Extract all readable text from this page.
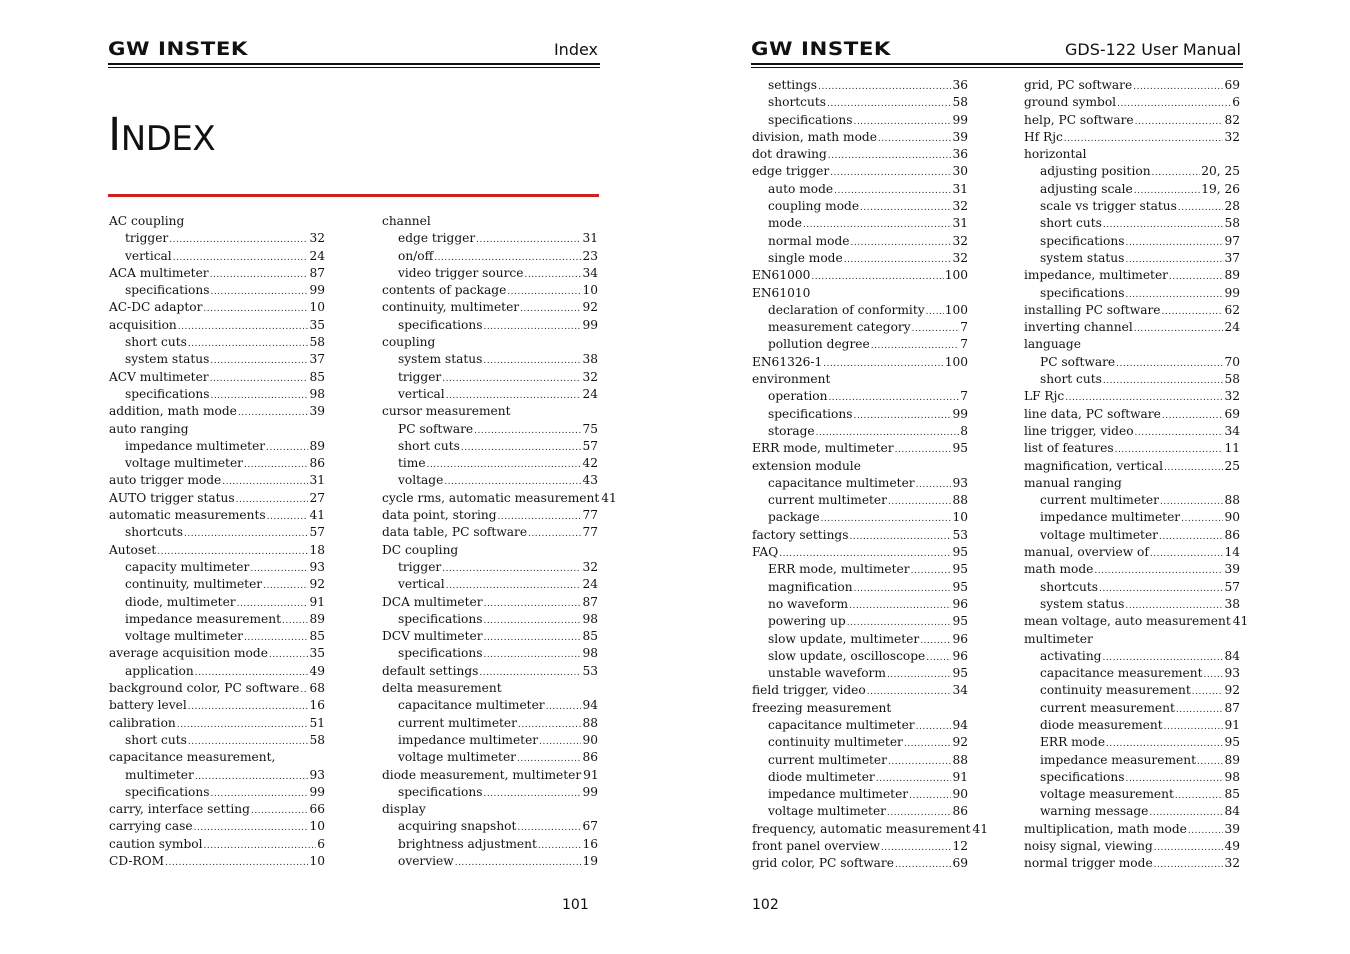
GW INSTEK	Index
INDEX
AC coupling
trigger .....	32
vertical .....	24
ACA multimeter .....	87
specifications .....	99
AC-DC adaptor .....	10
acquisition .....	35
short cuts .....	58
system status .....	37
ACV multimeter .....	85
specifications .....	98
addition, math mode .....	39
auto ranging
impedance multimeter .....	89
voltage multimeter .....	86
auto trigger mode .....	31
AUTO trigger status .....	27
automatic measurements .....	41
shortcuts .....	57
Autoset .....	18
capacity multimeter .....	93
continuity, multimeter .....	92
diode, multimeter .....	91
impedance measurement ..... 89
voltage multimeter .....	85
average acquisition mode .....	35
application .....	49
background color, PC software ..... 68
battery level .....	16
calibration .....	51
short cuts .....	58
capacitance measurement,
multimeter .....	93
specifications .....	99
carry, interface setting .....	66
carrying case .....	10
caution symbol .....	6
CD-ROM .....	10
channel
edge trigger .....	31
on/off .....	23
video trigger source .....	34
contents of package .....	10
continuity, multimeter .....	92
specifications .....	99
coupling
system status .....	38
trigger .....	32
vertical .....	24
cursor measurement
PC software .....	75
short cuts .....	57
time .....	42
voltage .....	43
cycle rms, automatic measurement 41
data point, storing .....	77
data table, PC software .....	77
DC coupling
trigger .....	32
vertical .....	24
DCA multimeter .....	87
specifications .....	98
DCV multimeter .....	85
specifications .....	98
default settings .....	53
delta measurement
capacitance multimeter .....	94
current multimeter .....	88
impedance multimeter .....	90
voltage multimeter .....	86
diode measurement, multimeter 91
specifications .....	99
display
acquiring snapshot .....	67
brightness adjustment .....	16
overview .....	19
101
GW INSTEK	GDS-122 User Manual
settings .....	36
shortcuts .....	58
specifications .....	99
division, math mode .....	39
dot drawing .....	36
edge trigger .....	30
auto mode .....	31
coupling mode .....	32
mode .....	31
normal mode .....	32
single mode .....	32
EN61000 .....	100
EN61010
declaration of conformity ..... 100
measurement category .....	7
pollution degree .....	7
EN61326-1 .....	100
environment
operation .....	7
specifications .....	99
storage .....	8
ERR mode, multimeter .....	95
extension module
capacitance multimeter .....	93
current multimeter .....	88
package .....	10
factory settings .....	53
FAQ .....	95
ERR mode, multimeter .....	95
magnification .....	95
no waveform .....	96
powering up .....	95
slow update, multimeter .....	96
slow update, oscilloscope ..... 96
unstable waveform .....	95
field trigger, video .....	34
freezing measurement
capacitance multimeter .....	94
continuity multimeter .....	92
current multimeter .....	88
diode multimeter .....	91
impedance multimeter .....	90
voltage multimeter .....	86
frequency, automatic measurement 41
front panel overview .....	12
grid color, PC software .....	69
grid, PC software .....	69
ground symbol .....	6
help, PC software .....	82
Hf Rjc .....	32
horizontal
adjusting position .....	20, 25
adjusting scale .....	19, 26
scale vs trigger status .....	28
short cuts .....	58
specifications .....	97
system status .....	37
impedance, multimeter .....	89
specifications .....	99
installing PC software .....	62
inverting channel .....	24
language
PC software .....	70
short cuts .....	58
LF Rjc .....	32
line data, PC software .....	69
line trigger, video .....	34
list of features .....	11
magnification, vertical .....	25
manual ranging
current multimeter .....	88
impedance multimeter .....	90
voltage multimeter .....	86
manual, overview of .....	14
math mode .....	39
shortcuts .....	57
system status .....	38
mean voltage, auto measurement 41
multimeter
activating .....	84
capacitance measurement ..... 93
continuity measurement .....	92
current measurement .....	87
diode measurement .....	91
ERR mode .....	95
impedance measurement ..... 89
specifications .....	98
voltage measurement .....	85
warning message .....	84
multiplication, math mode .....	39
noisy signal, viewing .....	49
normal trigger mode .....	32
102
